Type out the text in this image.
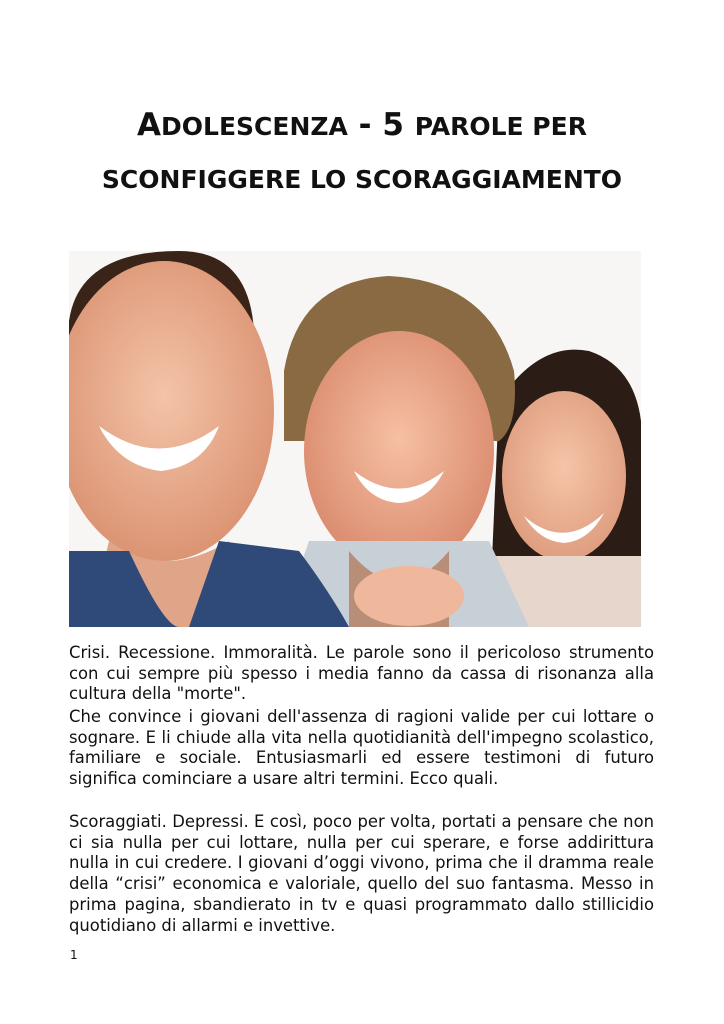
ADOLESCENZA - 5 PAROLE PER
SCONFIGGERE LO SCORAGGIAMENTO
Crisi. Recessione. Immoralità. Le parole sono il pericoloso strumento con cui sempre più spesso i media fanno da cassa di risonanza alla cultura della "morte".
Che convince i giovani dell'assenza di ragioni valide per cui lottare o sognare. E li chiude alla vita nella quotidianità dell'impegno scolastico, familiare e sociale. Entusiasmarli ed essere testimoni di futuro significa cominciare a usare altri termini. Ecco quali.
Scoraggiati. Depressi. E così, poco per volta, portati a pensare che non ci sia nulla per cui lottare, nulla per cui sperare, e forse addirittura nulla in cui credere. I giovani d’oggi vivono, prima che il dramma reale della “crisi” economica e valoriale, quello del suo fantasma. Messo in prima pagina, sbandierato in tv e quasi programmato dallo stillicidio quotidiano di allarmi e invettive.
1
